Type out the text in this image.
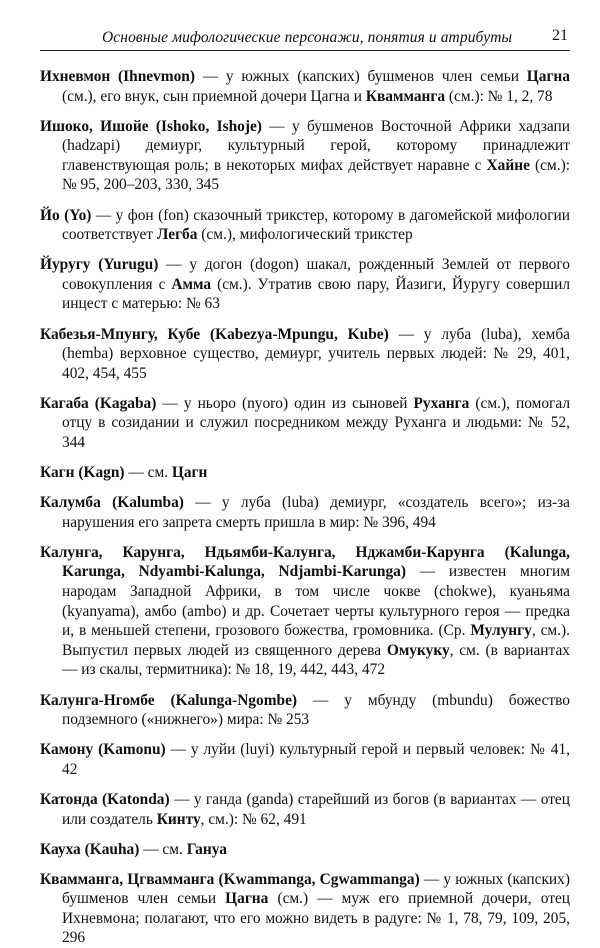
Основные мифологические персонажи, понятия и атрибуты 21

Ихневмон (Ihnevmon) — у южных (капских) бушменов член семьи Цагна (см.), его внук, сын приемной дочери Цагна и Квамманга (см.): № 1, 2, 78

Ишоко, Ишойе (Ishoko, Ishoje) — у бушменов Восточной Африки хадзапи (hadzapi) демиург, культурный герой, которому принадлежит главенствующая роль; в некоторых мифах действует наравне с Хайне (см.): № 95, 200–203, 330, 345

Йо (Yo) — у фон (fon) сказочный трикстер, которому в дагомейской мифологии соответствует Легба (см.), мифологический трикстер

Йуругу (Yurugu) — у догон (dogon) шакал, рожденный Землей от первого совокупления с Амма (см.). Утратив свою пару, Йазиги, Йуругу совершил инцест с матерью: № 63

Кабезья-Мпунгу, Кубе (Kabezya-Mpungu, Kube) — у луба (luba), хемба (hemba) верховное существо, демиург, учитель первых людей: № 29, 401, 402, 454, 455

Кагаба (Kagaba) — у ньоро (nyoro) один из сыновей Руханга (см.), помогал отцу в созидании и служил посредником между Руханга и людьми: № 52, 344

Кагн (Kagn) — см. Цагн

Калумба (Kalumba) — у луба (luba) демиург, «создатель всего»; из-за нарушения его запрета смерть пришла в мир: № 396, 494

Калунга, Карунга, Ндьямби-Калунга, Нджамби-Карунга (Kalunga, Karunga, Ndyambi-Kalunga, Ndjambi-Karunga) — известен многим народам Западной Африки, в том числе чокве (chokwe), куаньяма (kyanyama), амбо (ambo) и др. Сочетает черты культурного героя — предка и, в меньшей степени, грозового божества, громовника. (Ср. Мулунгу, см.). Выпустил первых людей из священного дерева Омукуку, см. (в вариантах — из скалы, термитника): № 18, 19, 442, 443, 472

Калунга-Нгомбе (Kalunga-Ngombe) — у мбунду (mbundu) божество подземного («нижнего») мира: № 253

Камону (Kamonu) — у луйи (luyi) культурный герой и первый человек: № 41, 42

Катонда (Katonda) — у ганда (ganda) старейший из богов (в вариантах — отец или создатель Кинту, см.): № 62, 491

Кауха (Kauha) — см. Гануа

Квамманга, Цгвамманга (Kwammanga, Cgwammanga) — у южных (капских) бушменов член семьи Цагна (см.) — муж его приемной дочери, отец Ихневмона; полагают, что его можно видеть в радуге: № 1, 78, 79, 109, 205, 296
